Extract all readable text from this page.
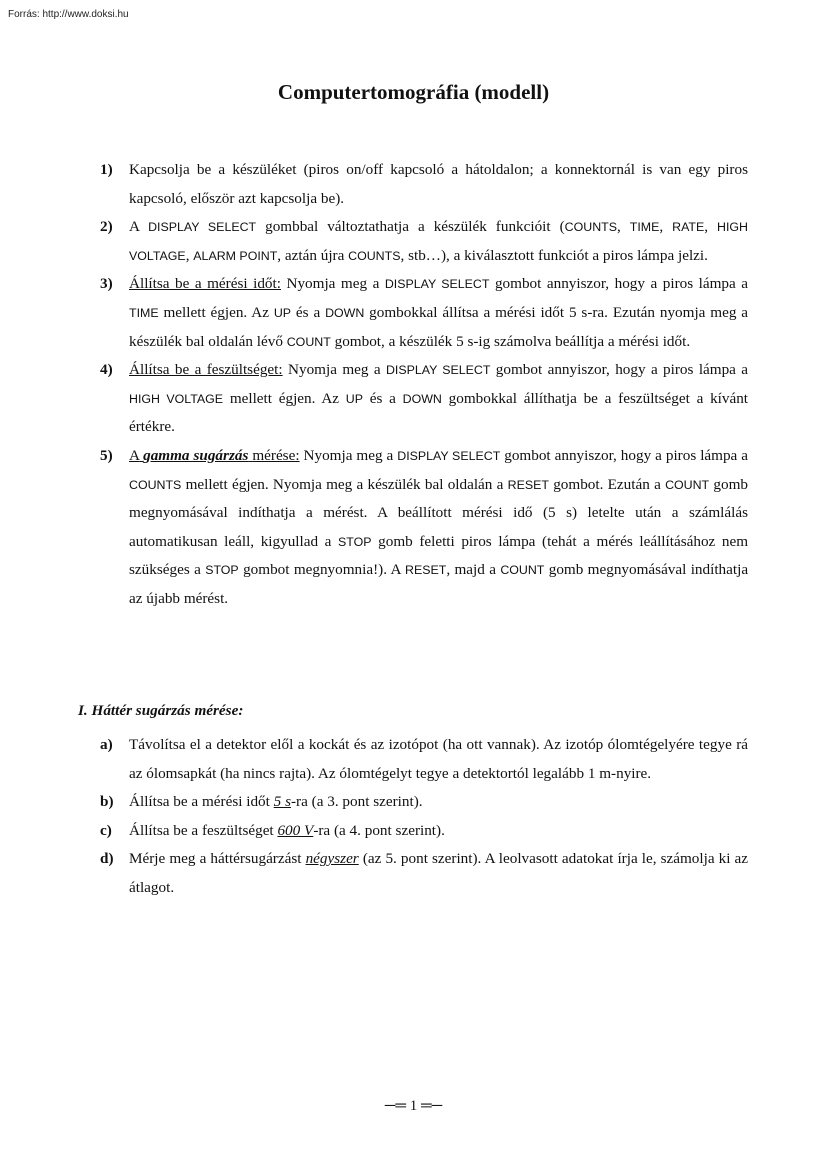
Forrás: http://www.doksi.hu
Computertomográfia (modell)

1) Kapcsolja be a készüléket (piros on/off kapcsoló a hátoldalon; a konnektornál is van egy piros kapcsoló, először azt kapcsolja be).

2) A DISPLAY SELECT gombbal változtathatja a készülék funkcióit (COUNTS, TIME, RATE, HIGH VOLTAGE, ALARM POINT, aztán újra COUNTS, stb…), a kiválasztott funkciót a piros lámpa jelzi.

3) Állítsa be a mérési időt: Nyomja meg a DISPLAY SELECT gombot annyiszor, hogy a piros lámpa a TIME mellett égjen. Az UP és a DOWN gombokkal állítsa a mérési időt 5 s-ra. Ezután nyomja meg a készülék bal oldalán lévő COUNT gombot, a készülék 5 s-ig számolva beállítja a mérési időt.

4) Állítsa be a feszültséget: Nyomja meg a DISPLAY SELECT gombot annyiszor, hogy a piros lámpa a HIGH VOLTAGE mellett égjen. Az UP és a DOWN gombokkal állíthatja be a feszültséget a kívánt értékre.

5) A gamma sugárzás mérése: Nyomja meg a DISPLAY SELECT gombot annyiszor, hogy a piros lámpa a COUNTS mellett égjen. Nyomja meg a készülék bal oldalán a RESET gombot. Ezután a COUNT gomb megnyomásával indíthatja a mérést. A beállított mérési idő (5 s) letelte után a számlálás automatikusan leáll, kigyullad a STOP gomb feletti piros lámpa (tehát a mérés leállításához nem szükséges a STOP gombot megnyomnia!). A RESET, majd a COUNT gomb megnyomásával indíthatja az újabb mérést.

I. Háttér sugárzás mérése:

a) Távolítsa el a detektor elől a kockát és az izotópot (ha ott vannak). Az izotóp ólomtégelyére tegye rá az ólomsapkát (ha nincs rajta). Az ólomtégelyt tegye a detektortól legalább 1 m-nyire.

b) Állítsa be a mérési időt 5 s-ra (a 3. pont szerint).

c) Állítsa be a feszültséget 600 V-ra (a 4. pont szerint).

d) Mérje meg a háttérsugárzást négyszer (az 5. pont szerint). A leolvasott adatokat írja le, számolja ki az átlagot.

─═ 1 ═─
